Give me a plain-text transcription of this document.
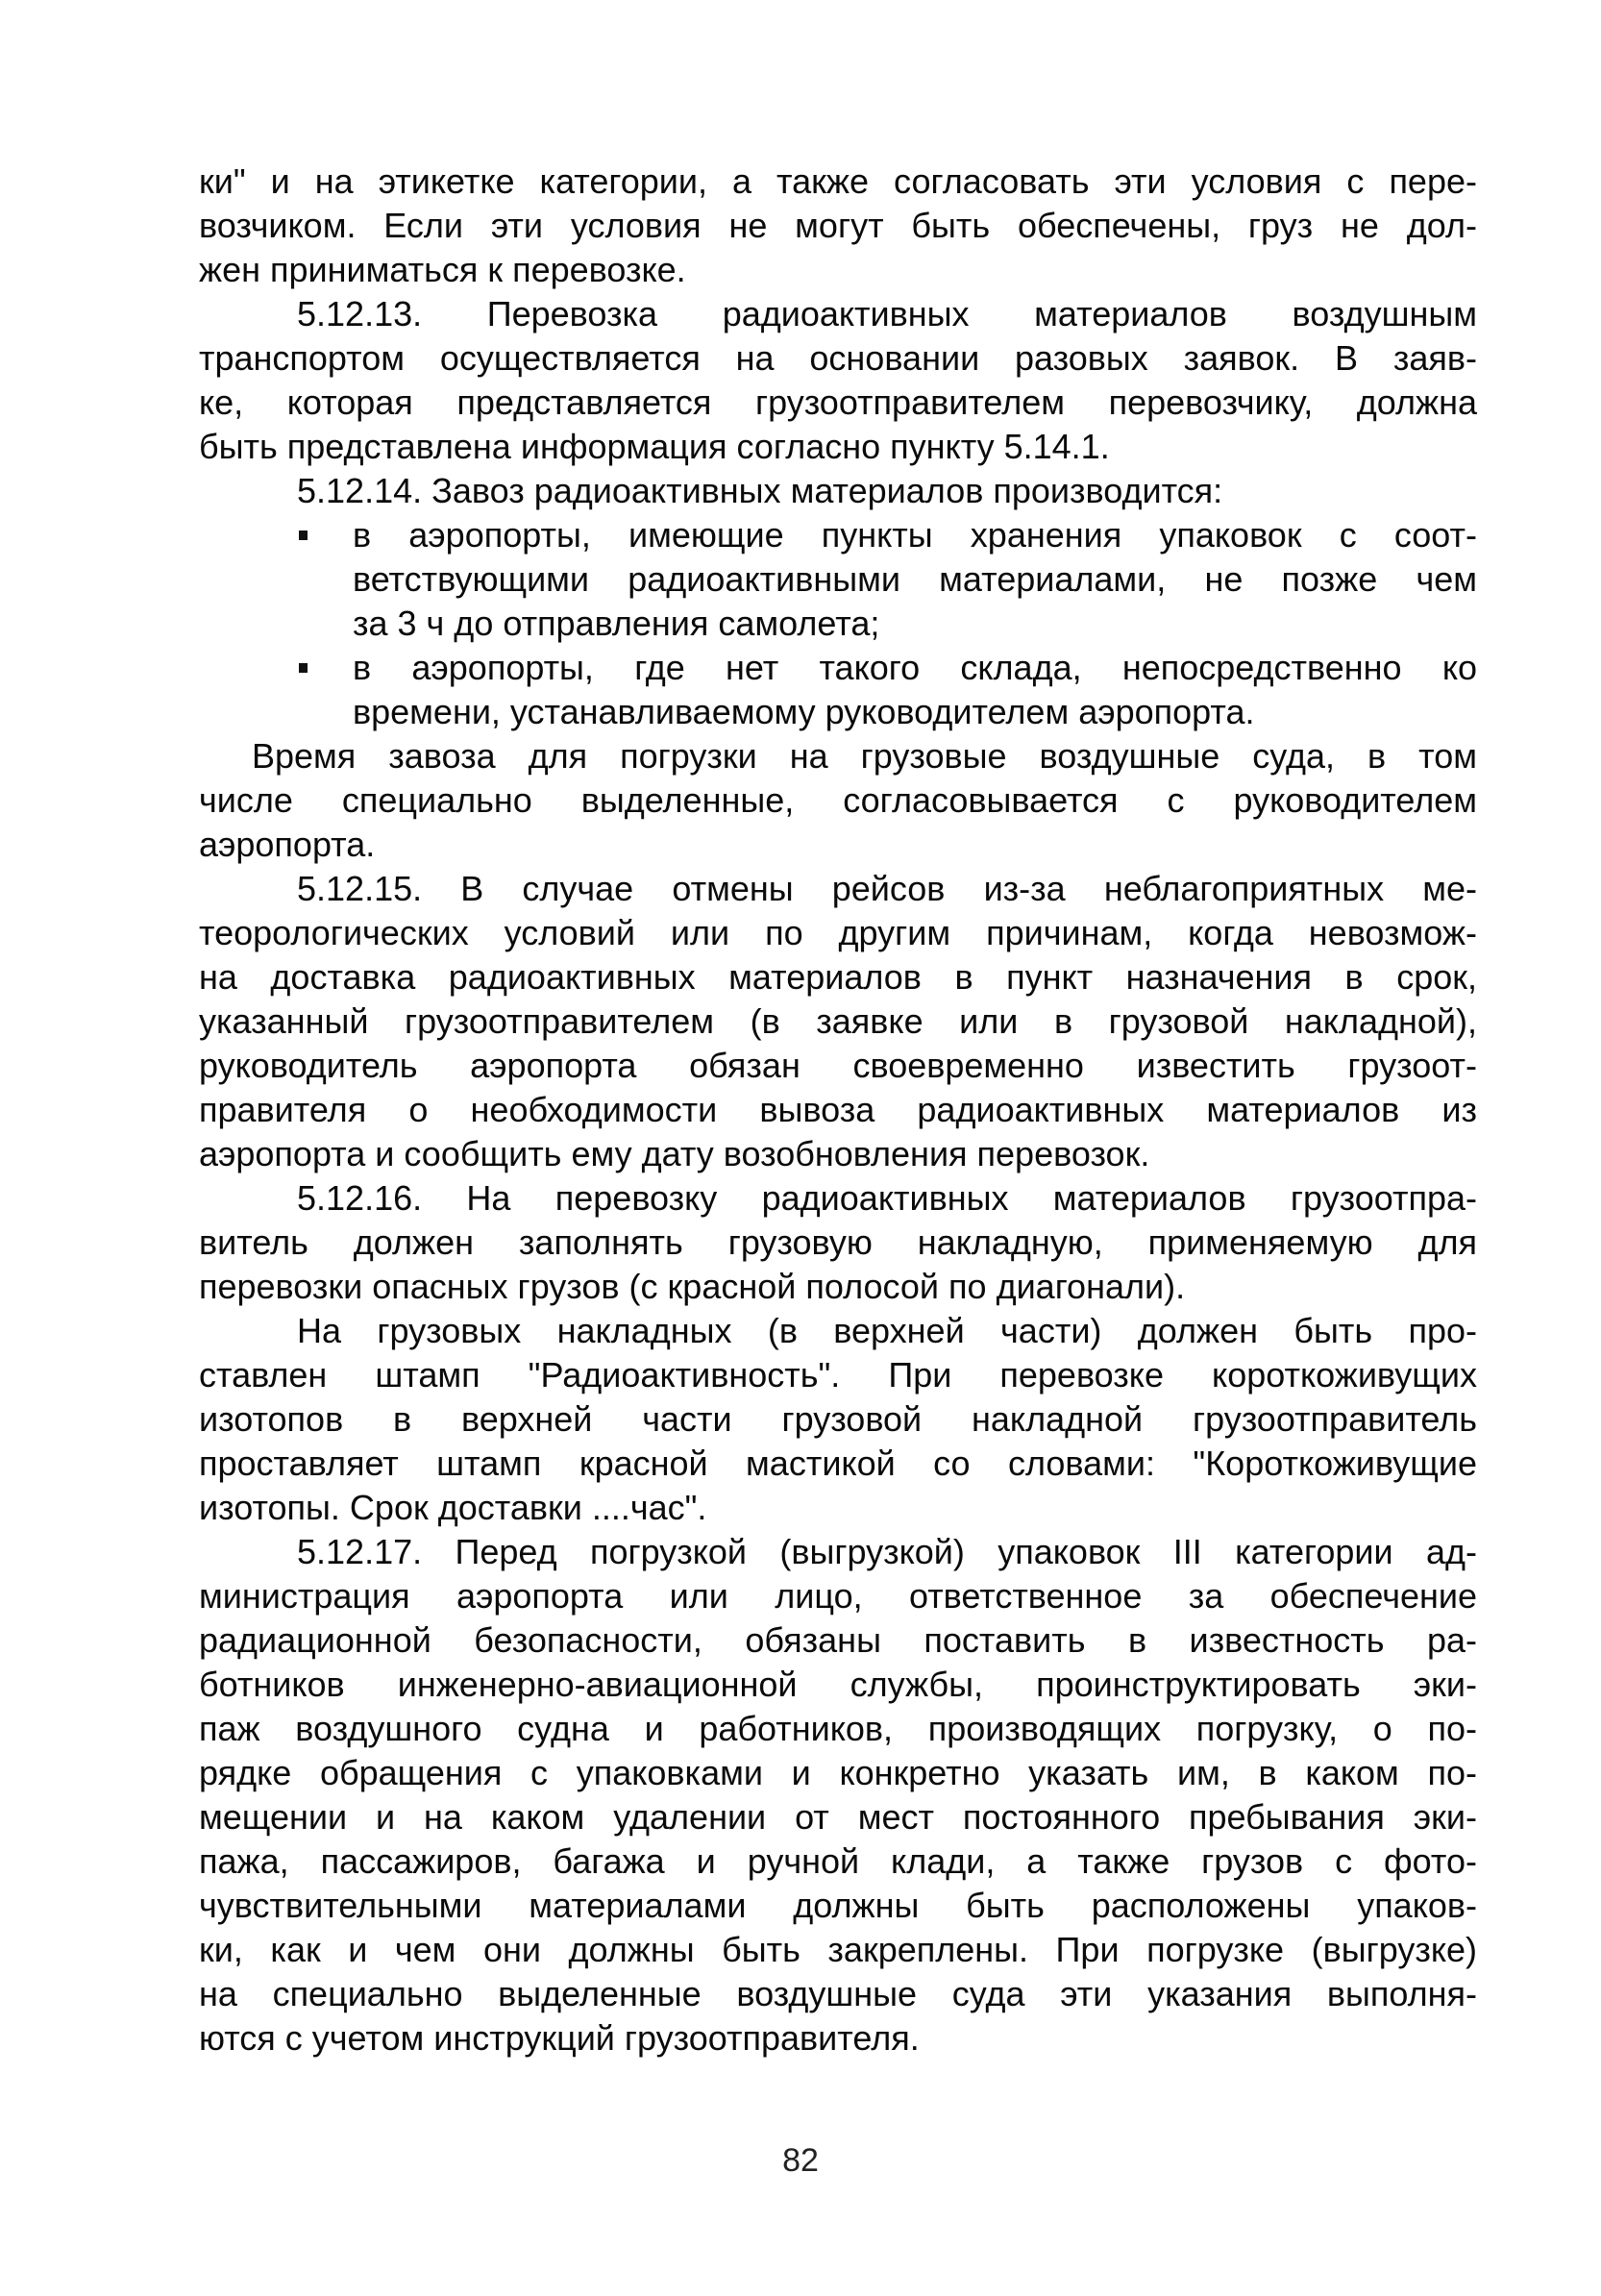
ки" и на этикетке категории, а также согласовать эти условия с пере-
возчиком. Если эти условия не могут быть обеспечены, груз не дол-
жен приниматься к перевозке.
5.12.13. Перевозка радиоактивных материалов воздушным
транспортом осуществляется на основании разовых заявок. В заяв-
ке, которая представляется грузоотправителем перевозчику, должна
быть представлена информация согласно пункту 5.14.1.
5.12.14. Завоз радиоактивных материалов производится:
в аэропорты, имеющие пункты хранения упаковок с соот-
ветствующими радиоактивными материалами, не позже чем
за 3 ч до отправления самолета;
в аэропорты, где нет такого склада, непосредственно ко
времени, устанавливаемому руководителем аэропорта.
Время завоза для погрузки на грузовые воздушные суда, в том
числе специально выделенные, согласовывается с руководителем
аэропорта.
5.12.15. В случае отмены рейсов из-за неблагоприятных ме-
теорологических условий или по другим причинам, когда невозмож-
на доставка радиоактивных материалов в пункт назначения в срок,
указанный грузоотправителем (в заявке или в грузовой накладной),
руководитель аэропорта обязан своевременно известить грузоот-
правителя о необходимости вывоза радиоактивных материалов из
аэропорта и сообщить ему дату возобновления перевозок.
5.12.16. На перевозку радиоактивных материалов грузоотпра-
витель должен заполнять грузовую накладную, применяемую для
перевозки опасных грузов (с красной полосой по диагонали).
На грузовых накладных (в верхней части) должен быть про-
ставлен штамп "Радиоактивность". При перевозке короткоживущих
изотопов в верхней части грузовой накладной грузоотправитель
проставляет штамп красной мастикой со словами: "Короткоживущие
изотопы. Срок доставки ....час".
5.12.17. Перед погрузкой (выгрузкой) упаковок III категории ад-
министрация аэропорта или лицо, ответственное за обеспечение
радиационной безопасности, обязаны поставить в известность ра-
ботников инженерно-авиационной службы, проинструктировать эки-
паж воздушного судна и работников, производящих погрузку, о по-
рядке обращения с упаковками и конкретно указать им, в каком по-
мещении и на каком удалении от мест постоянного пребывания эки-
пажа, пассажиров, багажа и ручной клади, а также грузов с фото-
чувствительными материалами должны быть расположены упаков-
ки, как и чем они должны быть закреплены. При погрузке (выгрузке)
на специально выделенные воздушные суда эти указания выполня-
ются с учетом инструкций грузоотправителя.
82
